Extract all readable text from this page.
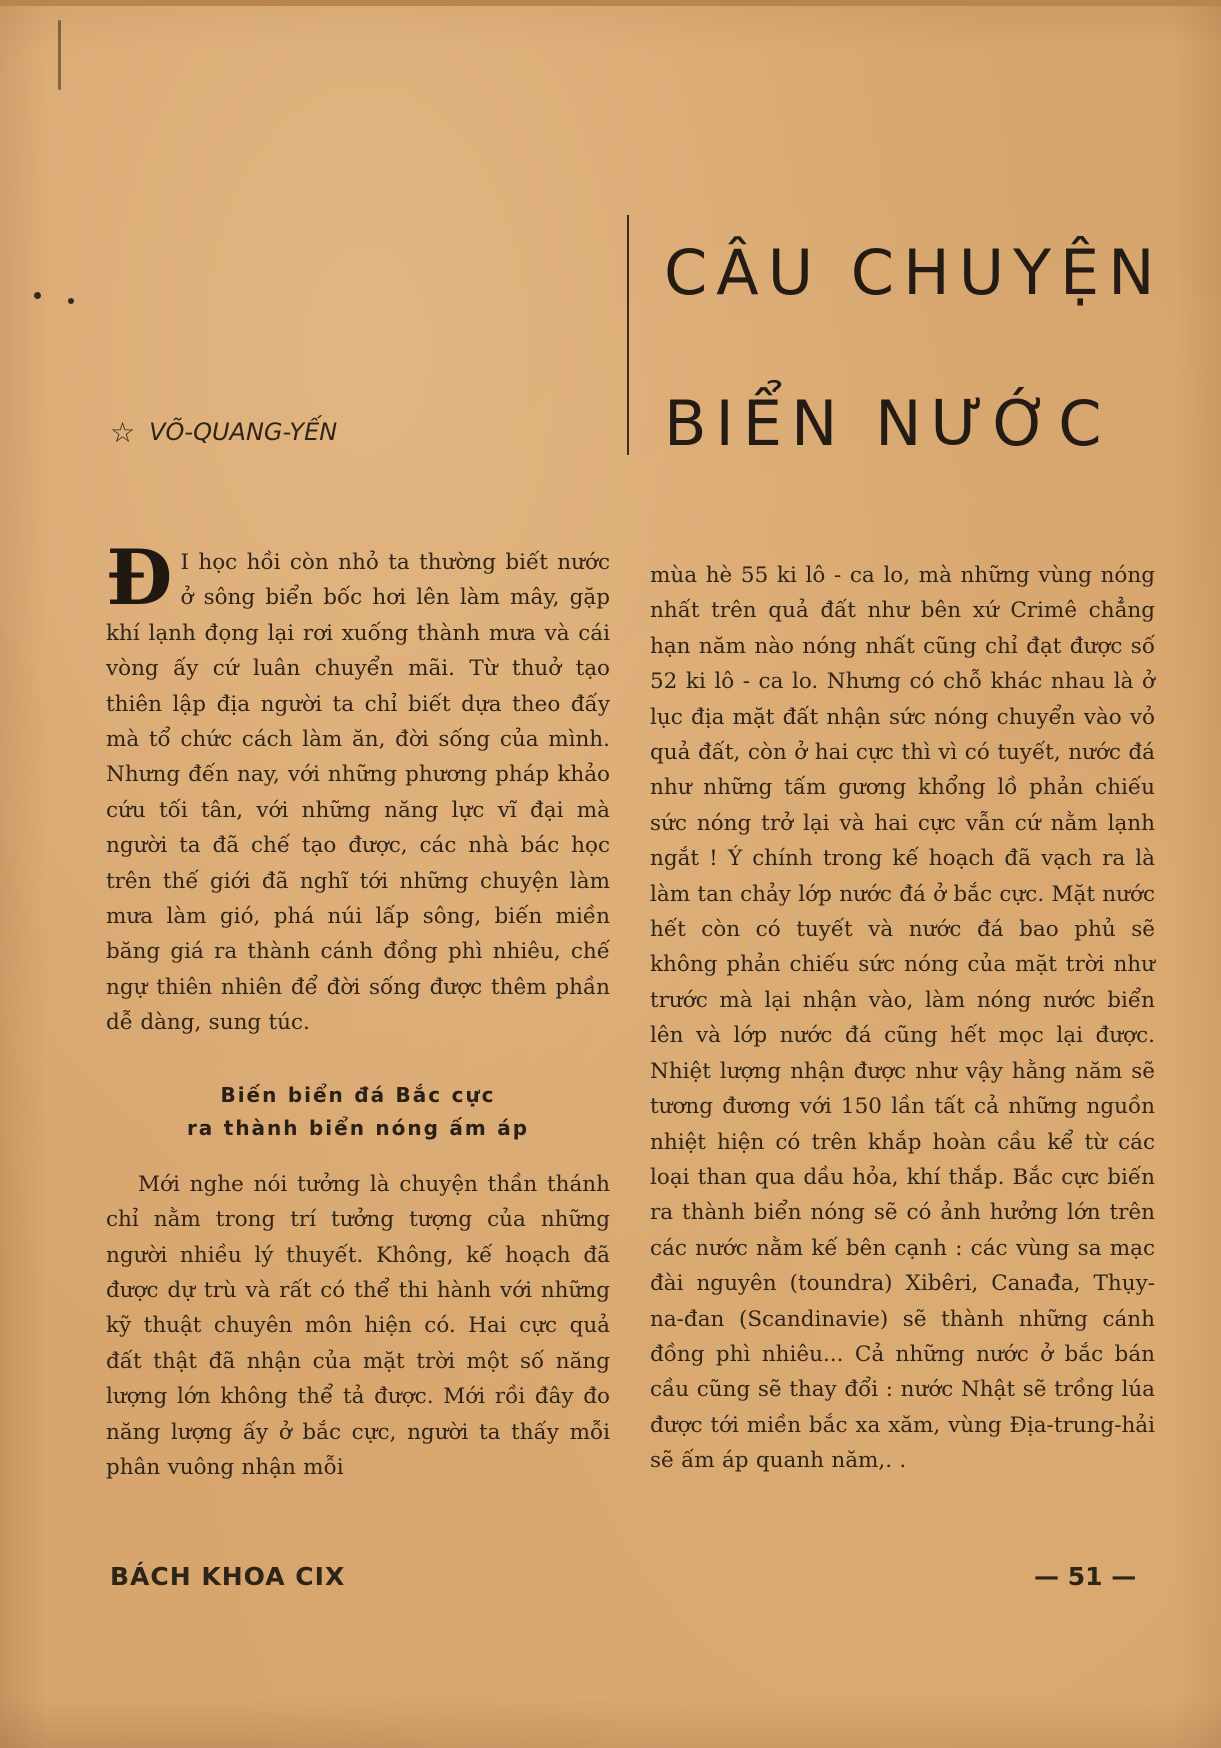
CÂU CHUYỆN
BIỂN NƯỚC
☆ VÕ-QUANG-YẾN

Đ I học hồi còn nhỏ ta thường biết nước ở sông biển bốc hơi lên làm mây, gặp khí lạnh đọng lại rơi xuống thành mưa và cái vòng ấy cứ luân chuyển mãi. Từ thuở tạo thiên lập địa người ta chỉ biết dựa theo đấy mà tổ chức cách làm ăn, đời sống của mình. Nhưng đến nay, với những phương pháp khảo cứu tối tân, với những năng lực vĩ đại mà người ta đã chế tạo được, các nhà bác học trên thế giới đã nghĩ tới những chuyện làm mưa làm gió, phá núi lấp sông, biến miền băng giá ra thành cánh đồng phì nhiêu, chế ngự thiên nhiên để đời sống được thêm phần dễ dàng, sung túc.

Biến biển đá Bắc cực
ra thành biển nóng ấm áp

Mới nghe nói tưởng là chuyện thần thánh chỉ nằm trong trí tưởng tượng của những người nhiều lý thuyết. Không, kế hoạch đã được dự trù và rất có thể thi hành với những kỹ thuật chuyên môn hiện có. Hai cực quả đất thật đã nhận của mặt trời một số năng lượng lớn không thể tả được. Mới rồi đây đo năng lượng ấy ở bắc cực, người ta thấy mỗi phân vuông nhận mỗi

mùa hè 55 ki lô - ca lo, mà những vùng nóng nhất trên quả đất như bên xứ Crimê chẳng hạn năm nào nóng nhất cũng chỉ đạt được số 52 ki lô - ca lo. Nhưng có chỗ khác nhau là ở lục địa mặt đất nhận sức nóng chuyển vào vỏ quả đất, còn ở hai cực thì vì có tuyết, nước đá như những tấm gương khổng lồ phản chiếu sức nóng trở lại và hai cực vẫn cứ nằm lạnh ngắt ! Ý chính trong kế hoạch đã vạch ra là làm tan chảy lớp nước đá ở bắc cực. Mặt nước hết còn có tuyết và nước đá bao phủ sẽ không phản chiếu sức nóng của mặt trời như trước mà lại nhận vào, làm nóng nước biển lên và lớp nước đá cũng hết mọc lại được. Nhiệt lượng nhận được như vậy hằng năm sẽ tương đương với 150 lần tất cả những nguồn nhiệt hiện có trên khắp hoàn cầu kể từ các loại than qua dầu hỏa, khí thắp. Bắc cực biến ra thành biển nóng sẽ có ảnh hưởng lớn trên các nước nằm kế bên cạnh : các vùng sa mạc đài nguyên (toundra) Xibêri, Canađa, Thụy-na-đan (Scandinavie) sẽ thành những cánh đồng phì nhiêu... Cả những nước ở bắc bán cầu cũng sẽ thay đổi : nước Nhật sẽ trồng lúa được tới miền bắc xa xăm, vùng Địa-trung-hải sẽ ấm áp quanh năm,. .

BÁCH KHOA CIX	— 51 —
